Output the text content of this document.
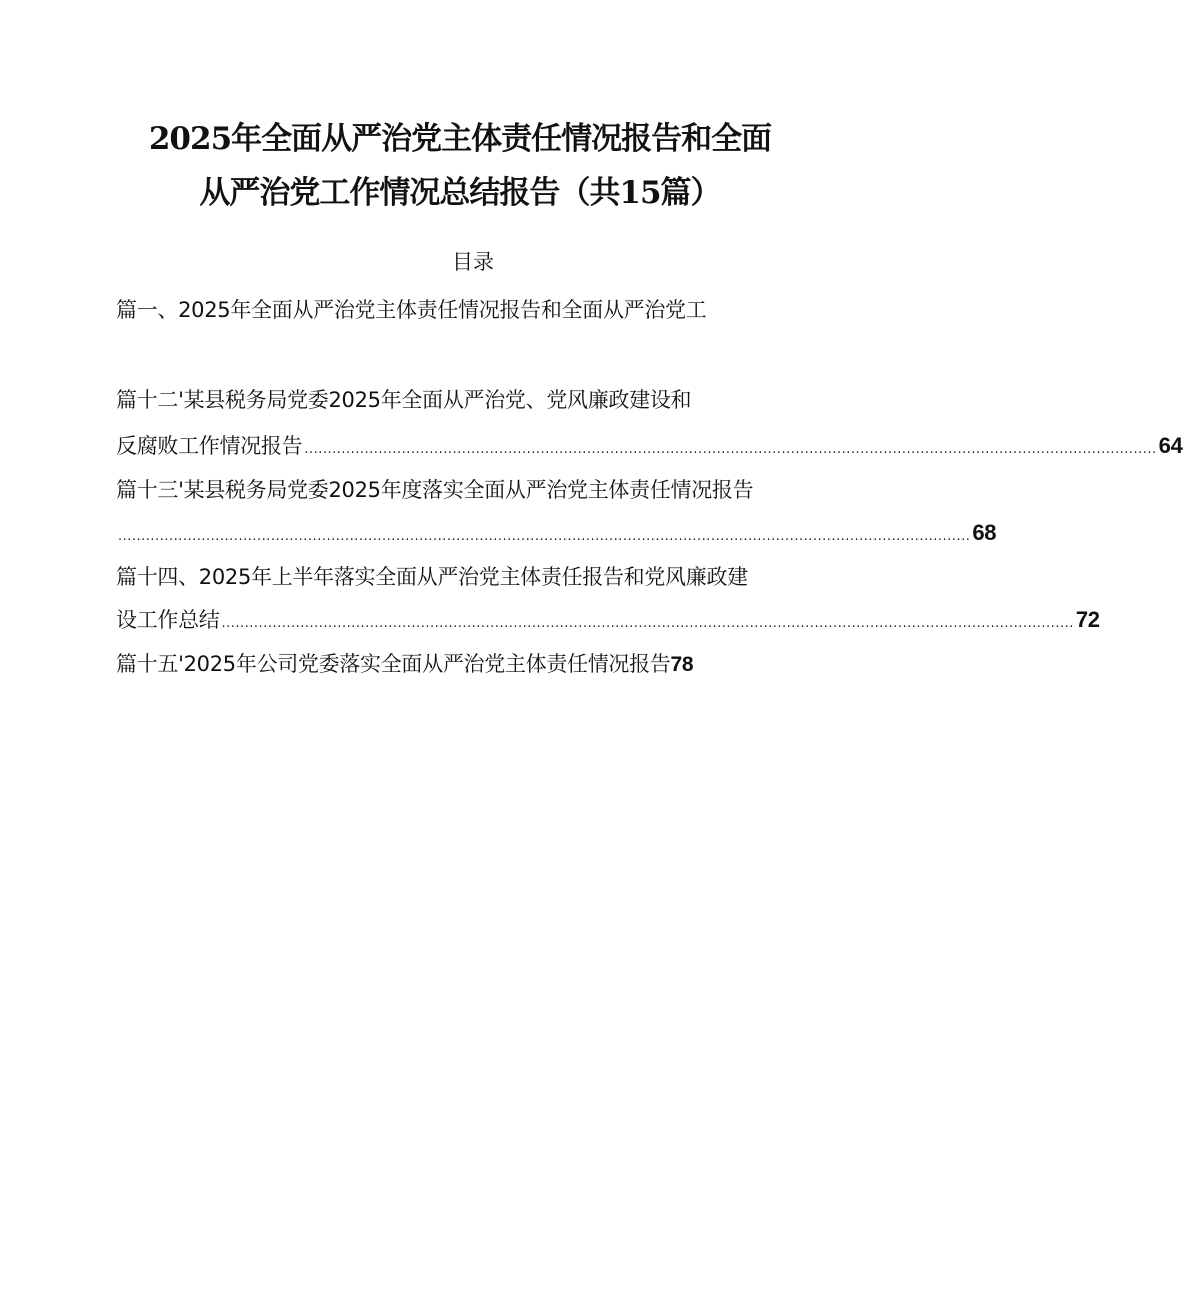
2025年全面从严治党主体责任情况报告和全面
从严治党工作情况总结报告（共15篇）
目录
篇一、2025年全面从严治党主体责任情况报告和全面从严治党工
篇十二'某县税务局党委2025年全面从严治党、党风廉政建设和
反腐败工作情况报告 ........................................................................................................................................................................................ 64
篇十三'某县税务局党委2025年度落实全面从严治党主体责任情况报告
........................................................................................................................................................................................ 68
篇十四、2025年上半年落实全面从严治党主体责任报告和党风廉政建
设工作总结 ........................................................................................................................................................................................ 72
篇十五'2025年公司党委落实全面从严治党主体责任情况报告78
